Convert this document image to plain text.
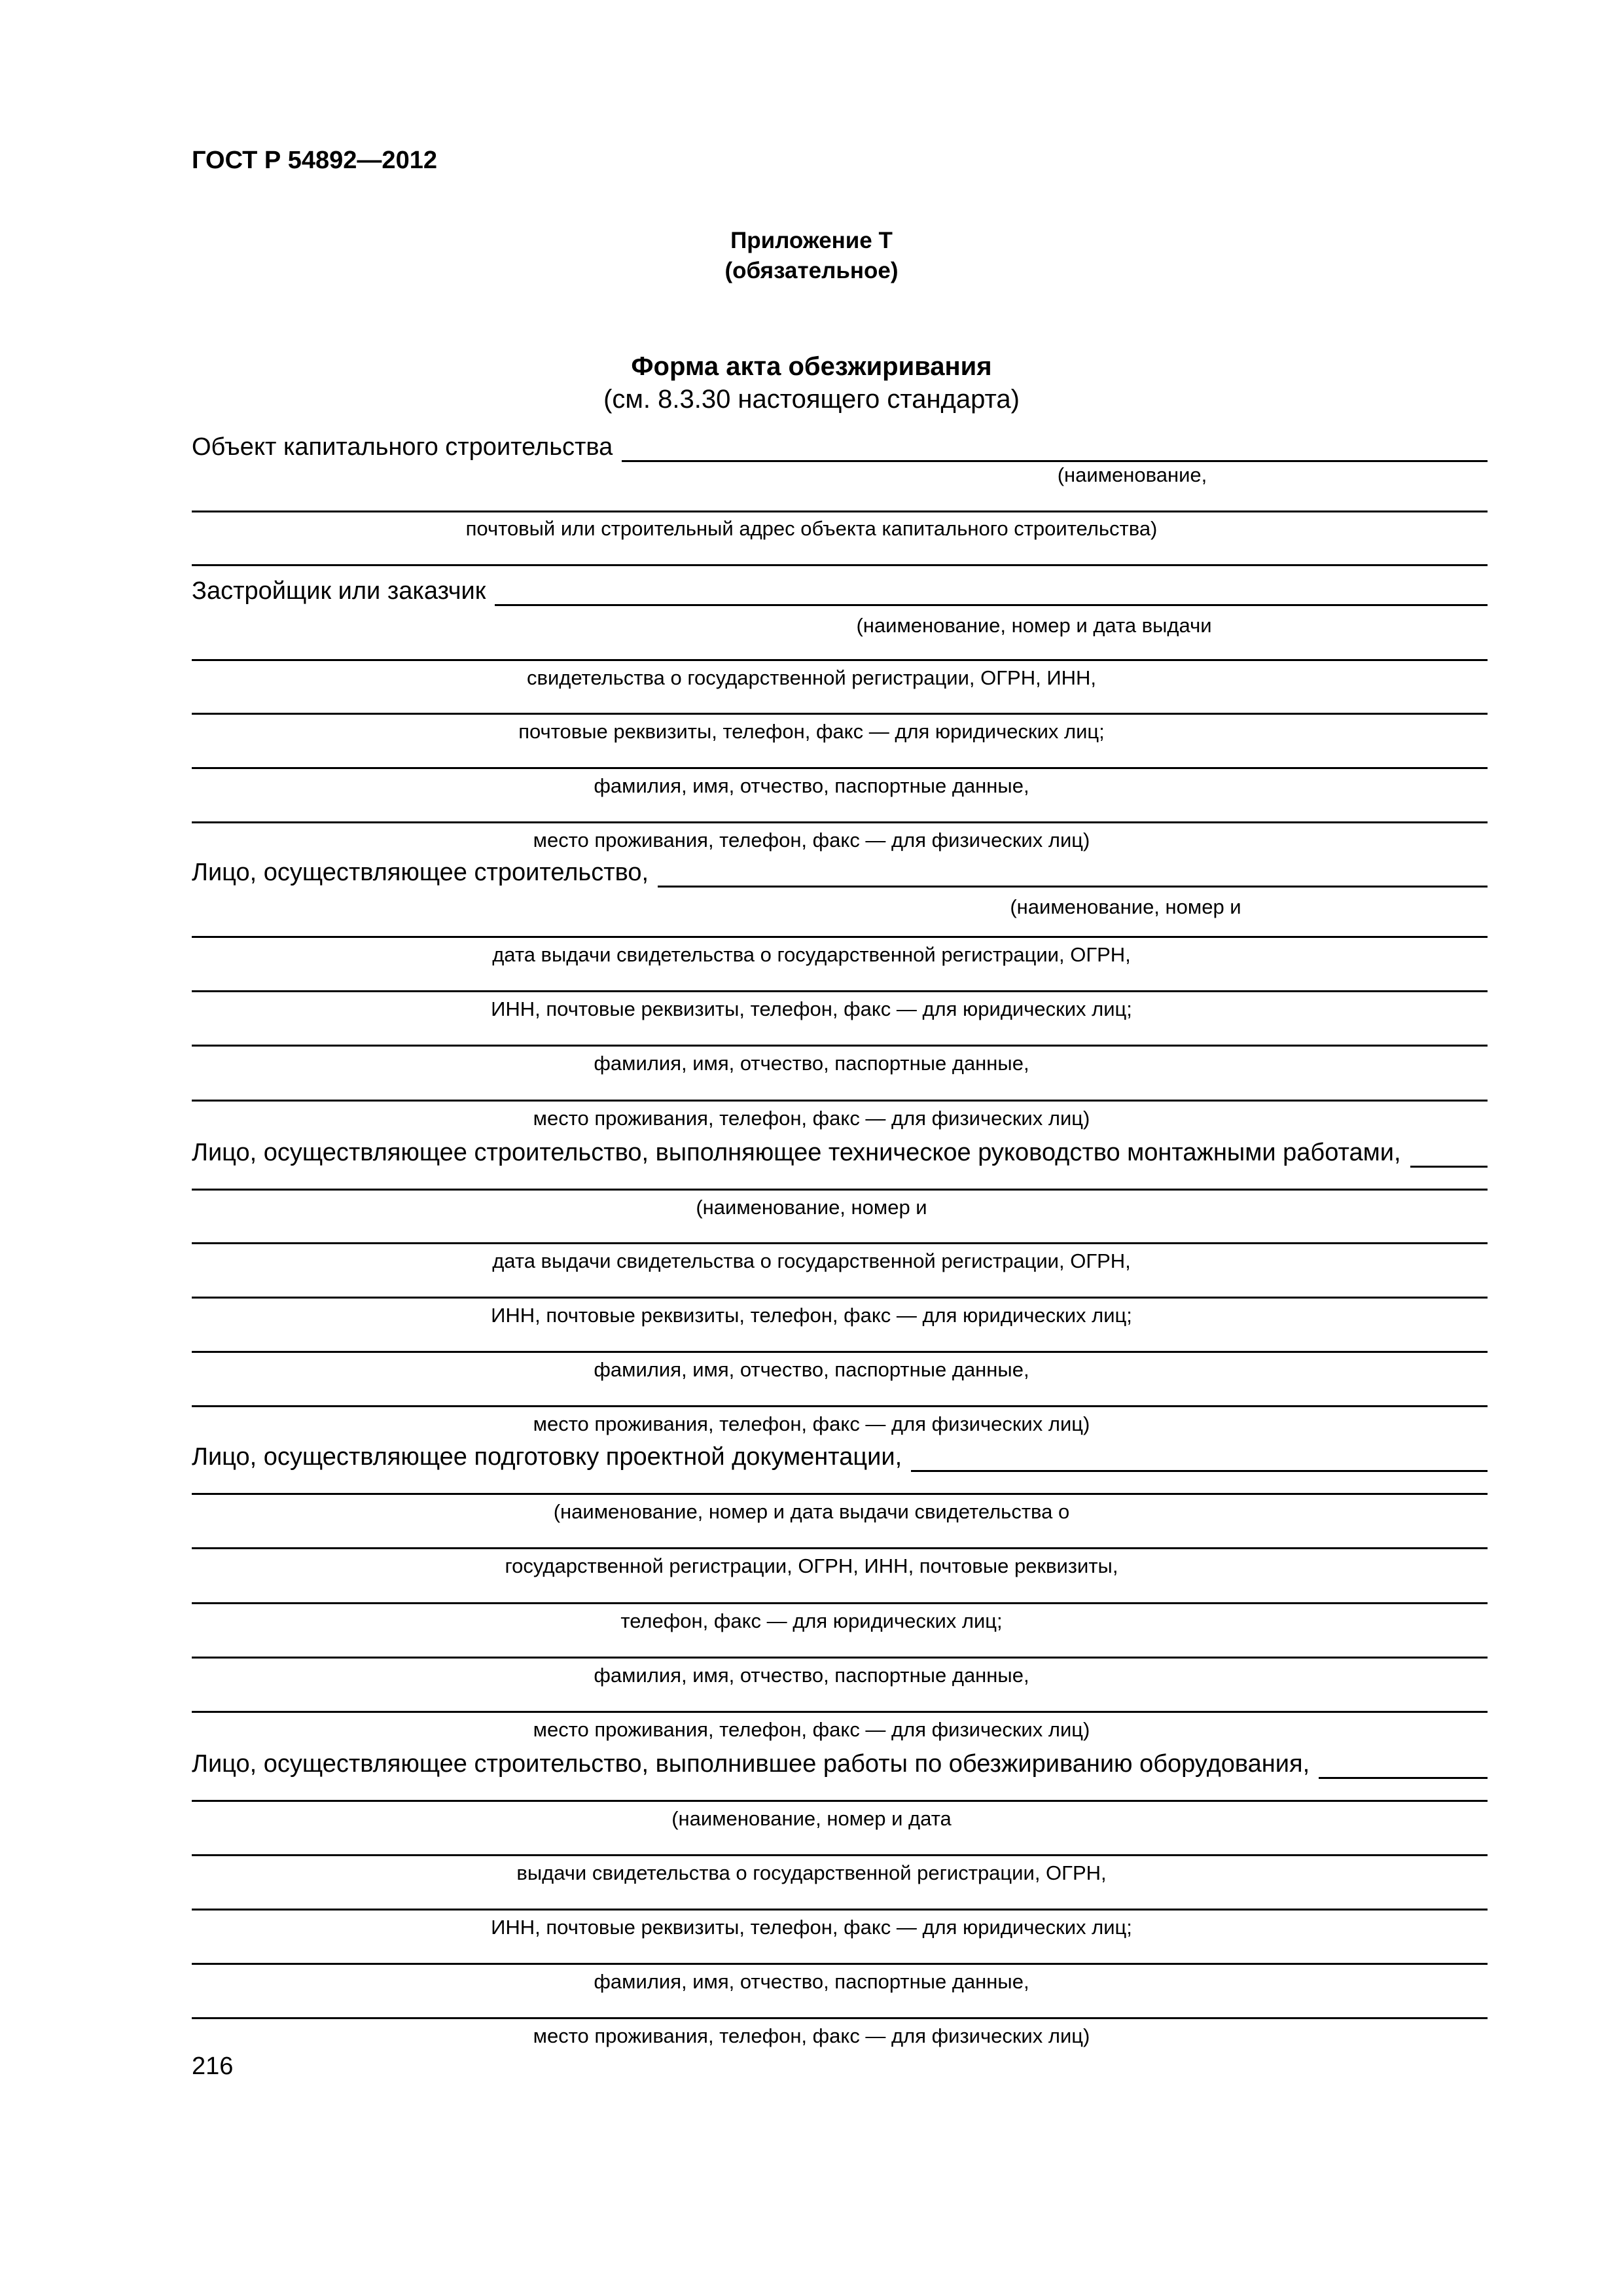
ГОСТ Р 54892—2012
Приложение Т
(обязательное)
Форма акта обезжиривания
(см. 8.3.30 настоящего стандарта)
Объект капитального строительства
(наименование,
почтовый или строительный адрес объекта капитального строительства)
Застройщик или заказчик
(наименование, номер и дата выдачи
свидетельства о государственной регистрации, ОГРН, ИНН,
почтовые реквизиты, телефон, факс — для юридических лиц;
фамилия, имя, отчество, паспортные данные,
место проживания, телефон, факс — для физических лиц)
Лицо, осуществляющее строительство,
(наименование, номер и
дата выдачи свидетельства о государственной регистрации, ОГРН,
ИНН, почтовые реквизиты, телефон, факс — для юридических лиц;
фамилия, имя, отчество, паспортные данные,
место проживания, телефон, факс — для физических лиц)
Лицо, осуществляющее строительство, выполняющее техническое руководство монтажными работами,
(наименование, номер и
дата выдачи свидетельства о государственной регистрации, ОГРН,
ИНН, почтовые реквизиты, телефон, факс — для юридических лиц;
фамилия, имя, отчество, паспортные данные,
место проживания, телефон, факс — для физических лиц)
Лицо, осуществляющее подготовку проектной документации,
(наименование, номер и дата выдачи свидетельства о
государственной регистрации, ОГРН, ИНН, почтовые реквизиты,
телефон, факс — для юридических лиц;
фамилия, имя, отчество, паспортные данные,
место проживания, телефон, факс — для физических лиц)
Лицо, осуществляющее строительство, выполнившее работы по обезжириванию оборудования,
(наименование, номер и дата
выдачи свидетельства о государственной регистрации, ОГРН,
ИНН, почтовые реквизиты, телефон, факс — для юридических лиц;
фамилия, имя, отчество, паспортные данные,
место проживания, телефон, факс — для физических лиц)
216
